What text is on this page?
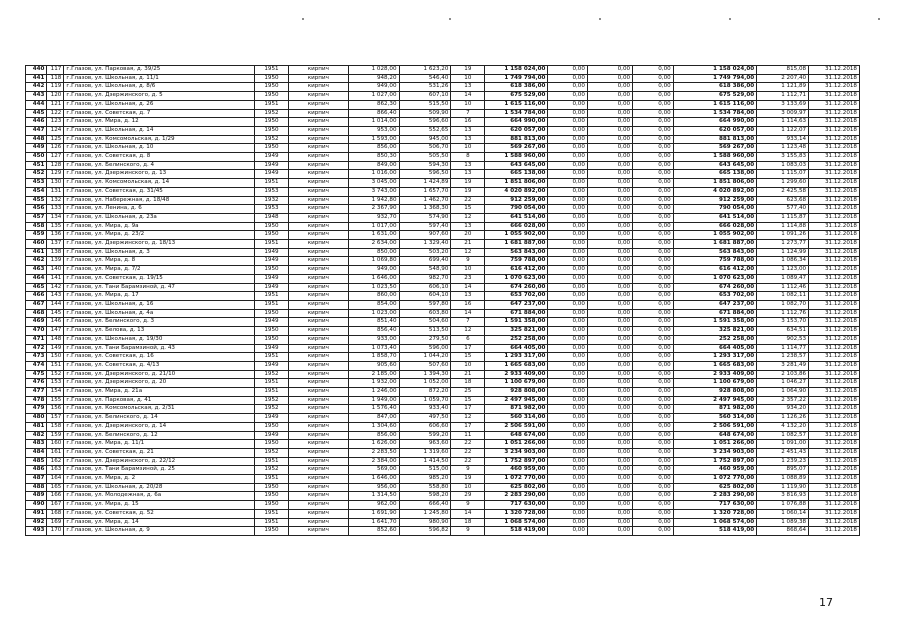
440	117	г.Глазов, ул. Парковая, д. 39/25	1951	кирпич	1 028,00	1 623,20	19	1 158 024,00	0,00	0,00	0,00	1 158 024,00	815,08	31.12.2018
441	118	г.Глазов, ул. Школьная, д. 11/1	1950	кирпич	948,20	546,40	10	1 749 794,00	0,00	0,00	0,00	1 749 794,00	2 207,40	31.12.2018
442	119	г.Глазов, ул. Школьная, д. 8/6	1950	кирпич	949,00	531,26	13	618 386,00	0,00	0,00	0,00	618 386,00	1 121,89	31.12.2018
443	120	г.Глазов, ул. Дзержинского, д. 5	1950	кирпич	1 027,00	607,10	14	675 529,00	0,00	0,00	0,00	675 529,00	1 112,71	31.12.2018
444	121	г.Глазов, ул. Школьная, д. 26	1951	кирпич	862,30	515,50	10	1 615 116,00	0,00	0,00	0,00	1 615 116,00	3 133,69	31.12.2018
445	122	г.Глазов, ул. Советская, д. 7	1952	кирпич	866,40	509,90	7	1 534 784,00	0,00	0,00	0,00	1 534 784,00	3 009,97	31.12.2018
446	123	г.Глазов, ул. Мира, д. 12	1950	кирпич	1 014,00	596,60	16	664 990,00	0,00	0,00	0,00	664 990,00	1 114,63	31.12.2018
447	124	г.Глазов, ул. Школьная, д. 14	1950	кирпич	953,00	552,65	13	620 057,00	0,00	0,00	0,00	620 057,00	1 122,07	31.12.2018
448	125	г.Глазов, ул. Комсомольская, д. 1/29	1952	кирпич	1 593,00	945,00	13	881 813,00	0,00	0,00	0,00	881 813,00	933,14	31.12.2018
449	126	г.Глазов, ул. Школьная, д. 10	1950	кирпич	856,00	506,70	10	569 267,00	0,00	0,00	0,00	569 267,00	1 123,48	31.12.2018
450	127	г.Глазов, ул. Советская, д. 8	1949	кирпич	850,30	505,50	8	1 588 960,00	0,00	0,00	0,00	1 588 960,00	3 155,83	31.12.2018
451	128	г.Глазов, ул. Белинского, д. 4	1949	кирпич	849,00	594,30	13	643 645,00	0,00	0,00	0,00	643 645,00	1 083,03	31.12.2018
452	129	г.Глазов, ул. Дзержинского, д. 13	1949	кирпич	1 016,00	596,50	13	665 138,00	0,00	0,00	0,00	665 138,00	1 115,07	31.12.2018
453	130	г.Глазов, ул. Комсомольская, д. 14	1951	кирпич	3 045,00	1 424,89	19	1 851 806,00	0,00	0,00	0,00	1 851 806,00	1 299,60	31.12.2018
454	131	г.Глазов, ул. Советская, д. 31/45	1953	кирпич	3 743,00	1 657,70	19	4 020 892,00	0,00	0,00	0,00	4 020 892,00	2 425,58	31.12.2018
455	132	г.Глазов, ул. Набережная, д. 18/48	1932	кирпич	1 942,80	1 462,70	22	912 259,00	0,00	0,00	0,00	912 259,00	623,68	31.12.2018
456	133	г.Глазов, ул. Ленина, д. 6	1953	кирпич	2 367,90	1 368,30	15	790 054,00	0,00	0,00	0,00	790 054,00	577,40	31.12.2018
457	134	г.Глазов, ул. Школьная, д. 23а	1948	кирпич	932,70	574,90	12	641 514,00	0,00	0,00	0,00	641 514,00	1 115,87	31.12.2018
458	135	г.Глазов, ул. Мира, д. 9а	1950	кирпич	1 017,00	597,40	13	666 028,00	0,00	0,00	0,00	666 028,00	1 114,88	31.12.2018
459	136	г.Глазов, ул. Мира, д. 23/2	1950	кирпич	1 631,00	907,60	20	1 055 902,00	0,00	0,00	0,00	1 055 902,00	1 091,26	31.12.2018
460	137	г.Глазов, ул. Дзержинского, д. 18/13	1951	кирпич	2 634,00	1 329,40	21	1 681 887,00	0,00	0,00	0,00	1 681 887,00	1 273,77	31.12.2018
461	138	г.Глазов, ул. Школьная, д. 3	1949	кирпич	850,00	503,20	12	563 843,00	0,00	0,00	0,00	563 843,00	1 124,99	31.12.2018
462	139	г.Глазов, ул. Мира, д. 8	1949	кирпич	1 069,80	699,40	9	759 788,00	0,00	0,00	0,00	759 788,00	1 086,34	31.12.2018
463	140	г.Глазов, ул. Мира, д. 7/2	1950	кирпич	949,00	548,90	10	616 412,00	0,00	0,00	0,00	616 412,00	1 123,00	31.12.2018
464	141	г.Глазов, ул. Советская, д. 19/15	1949	кирпич	1 646,00	982,70	23	1 070 623,00	0,00	0,00	0,00	1 070 623,00	1 089,47	31.12.2018
465	142	г.Глазов, ул. Тани Барамзиной, д. 47	1949	кирпич	1 023,50	606,10	14	674 260,00	0,00	0,00	0,00	674 260,00	1 112,46	31.12.2018
466	143	г.Глазов, ул. Мира, д. 17	1951	кирпич	860,00	604,10	13	653 702,00	0,00	0,00	0,00	653 702,00	1 082,11	31.12.2018
467	144	г.Глазов, ул. Школьная, д. 16	1951	кирпич	854,00	597,80	16	647 237,00	0,00	0,00	0,00	647 237,00	1 082,70	31.12.2018
468	145	г.Глазов, ул. Школьная, д. 4а	1950	кирпич	1 023,00	603,80	14	671 884,00	0,00	0,00	0,00	671 884,00	1 112,76	31.12.2018
469	146	г.Глазов, ул. Белинского, д. 3	1949	кирпич	851,40	504,60	7	1 591 358,00	0,00	0,00	0,00	1 591 358,00	3 153,70	31.12.2018
470	147	г.Глазов, ул. Белова, д. 13	1950	кирпич	856,40	513,50	12	325 821,00	0,00	0,00	0,00	325 821,00	634,51	31.12.2018
471	148	г.Глазов, ул. Школьная, д. 19/30	1950	кирпич	933,00	279,50	6	252 258,00	0,00	0,00	0,00	252 258,00	902,53	31.12.2018
472	149	г.Глазов, ул. Тани Барамзиной, д. 43	1949	кирпич	1 073,40	596,00	17	664 405,00	0,00	0,00	0,00	664 405,00	1 114,77	31.12.2018
473	150	г.Глазов, ул. Советская, д. 16	1951	кирпич	1 858,70	1 044,20	15	1 293 317,00	0,00	0,00	0,00	1 293 317,00	1 238,57	31.12.2018
474	151	г.Глазов, ул. Советская, д. 4/13	1949	кирпич	905,60	507,60	10	1 665 683,00	0,00	0,00	0,00	1 665 683,00	3 281,49	31.12.2018
475	152	г.Глазов, ул. Дзержинского, д. 21/10	1952	кирпич	2 185,00	1 394,30	21	2 933 409,00	0,00	0,00	0,00	2 933 409,00	2 103,86	31.12.2018
476	153	г.Глазов, ул. Дзержинского, д. 20	1951	кирпич	1 932,00	1 052,00	18	1 100 679,00	0,00	0,00	0,00	1 100 679,00	1 046,27	31.12.2018
477	154	г.Глазов, ул. Мира, д. 21а	1951	кирпич	1 246,00	872,20	25	928 808,00	0,00	0,00	0,00	928 808,00	1 064,90	31.12.2018
478	155	г.Глазов, ул. Парковая, д. 41	1952	кирпич	1 949,00	1 059,70	15	2 497 945,00	0,00	0,00	0,00	2 497 945,00	2 357,22	31.12.2018
479	156	г.Глазов, ул. Комсомольская, д. 2/31	1952	кирпич	1 576,40	933,40	17	871 982,00	0,00	0,00	0,00	871 982,00	934,20	31.12.2018
480	157	г.Глазов, ул. Белинского, д. 14	1949	кирпич	847,00	497,50	12	560 314,00	0,00	0,00	0,00	560 314,00	1 126,26	31.12.2018
481	158	г.Глазов, ул. Дзержинского, д. 14	1950	кирпич	1 304,60	606,60	17	2 506 591,00	0,00	0,00	0,00	2 506 591,00	4 132,20	31.12.2018
482	159	г.Глазов, ул. Белинского, д. 12	1949	кирпич	856,00	599,20	11	648 674,00	0,00	0,00	0,00	648 674,00	1 082,57	31.12.2018
483	160	г.Глазов, ул. Мира, д. 11/1	1950	кирпич	1 626,00	963,60	22	1 051 266,00	0,00	0,00	0,00	1 051 266,00	1 091,00	31.12.2018
484	161	г.Глазов, ул. Советская, д. 21	1952	кирпич	2 283,50	1 319,60	22	3 234 903,00	0,00	0,00	0,00	3 234 903,00	2 451,43	31.12.2018
485	162	г.Глазов, ул. Дзержинского, д. 22/12	1951	кирпич	2 384,00	1 414,50	22	1 752 897,00	0,00	0,00	0,00	1 752 897,00	1 239,23	31.12.2018
486	163	г.Глазов, ул. Тани Барамзиной, д. 25	1952	кирпич	569,00	515,00	9	460 959,00	0,00	0,00	0,00	460 959,00	895,07	31.12.2018
487	164	г.Глазов, ул. Мира, д. 2	1951	кирпич	1 646,00	985,20	19	1 072 770,00	0,00	0,00	0,00	1 072 770,00	1 088,89	31.12.2018
488	165	г.Глазов, ул. Школьная, д. 20/28	1950	кирпич	956,00	558,80	10	625 802,00	0,00	0,00	0,00	625 802,00	1 119,90	31.12.2018
489	166	г.Глазов, ул. Молодежная, д. 6а	1950	кирпич	1 314,50	598,20	29	2 283 290,00	0,00	0,00	0,00	2 283 290,00	3 816,93	31.12.2018
490	167	г.Глазов, ул. Мира, д. 15	1950	кирпич	962,00	666,40	9	717 630,00	0,00	0,00	0,00	717 630,00	1 076,88	31.12.2018
491	168	г.Глазов, ул. Советская, д. 52	1951	кирпич	1 691,90	1 245,80	14	1 320 728,00	0,00	0,00	0,00	1 320 728,00	1 060,14	31.12.2018
492	169	г.Глазов, ул. Мира, д. 14	1951	кирпич	1 641,70	980,90	18	1 068 574,00	0,00	0,00	0,00	1 068 574,00	1 089,38	31.12.2018
493	170	г.Глазов, ул. Школьная, д. 9	1950	кирпич	852,60	596,82	9	518 419,00	0,00	0,00	0,00	518 419,00	868,64	31.12.2018
17
